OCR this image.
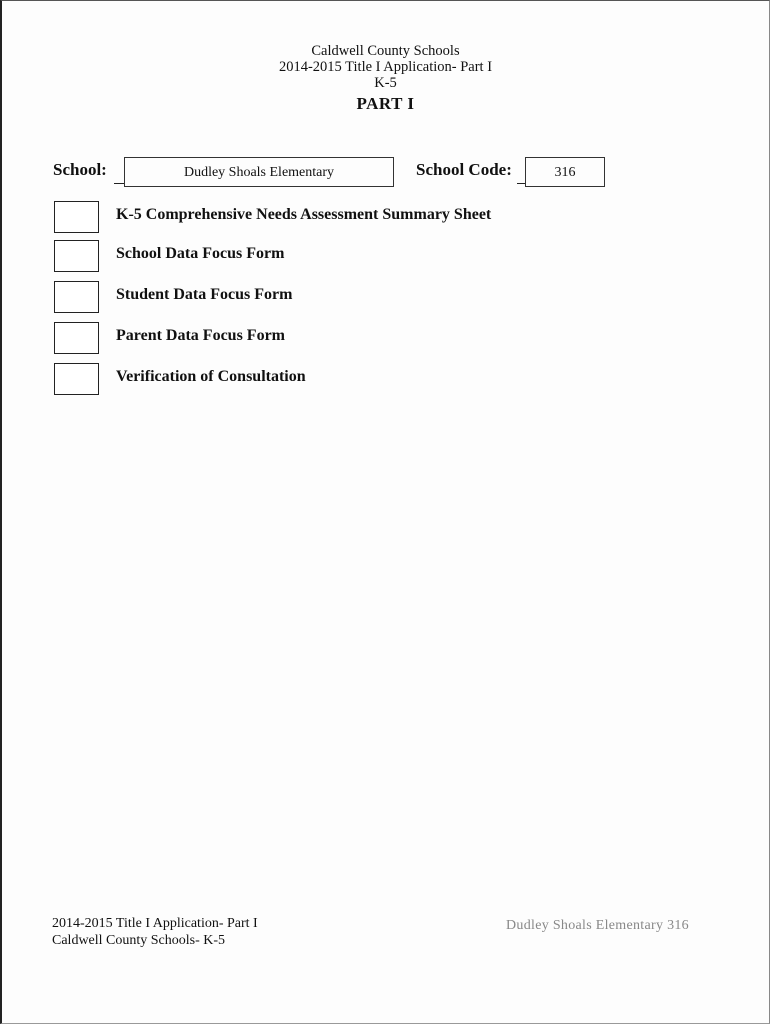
Caldwell County Schools
2014-2015 Title I Application- Part I
K-5
PART I
School:	Dudley Shoals Elementary	School Code:	316
K-5 Comprehensive Needs Assessment Summary Sheet
School Data Focus Form
Student Data Focus Form
Parent Data Focus Form
Verification of Consultation
2014-2015 Title I Application- Part I
Caldwell County Schools- K-5
Dudley Shoals Elementary 316
